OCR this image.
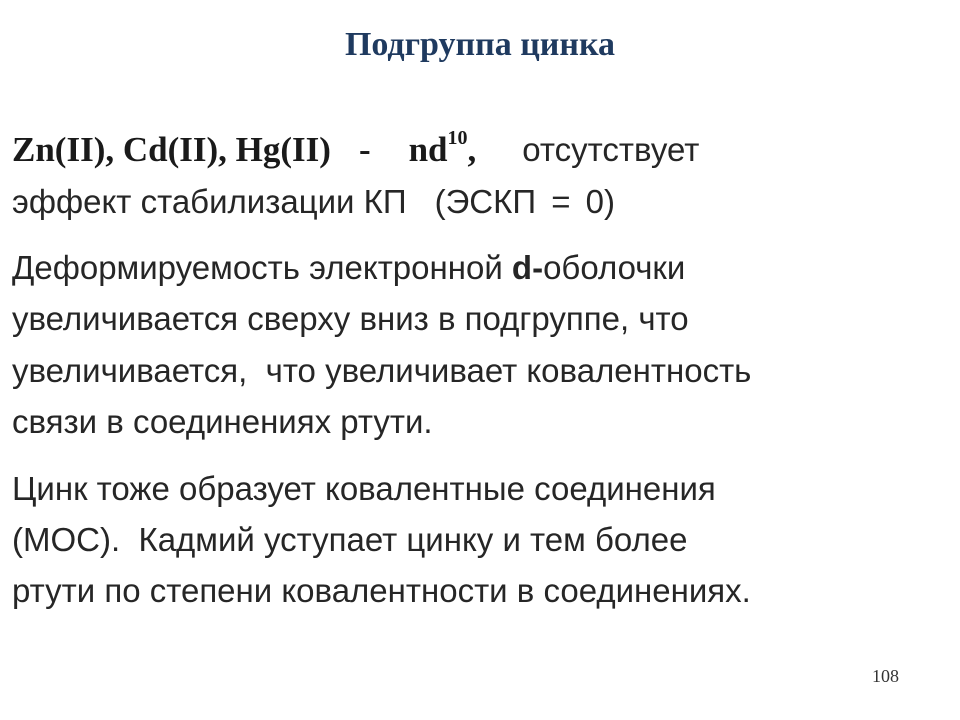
Подгруппа цинка
Zn(II), Cd(II), $Hg(II) - nd^{10}$, отсутствует
эффект стабилизации КП (ЭСКП = 0)
Деформируемость электронной d-оболочки
увеличивается сверху вниз в подгруппе, что
увеличивается,  что увеличивает ковалентность
связи в соединениях ртути.
Цинк тоже образует ковалентные соединения
(МОС).  Кадмий уступает цинку и тем более
ртути по степени ковалентности в соединениях.
108
